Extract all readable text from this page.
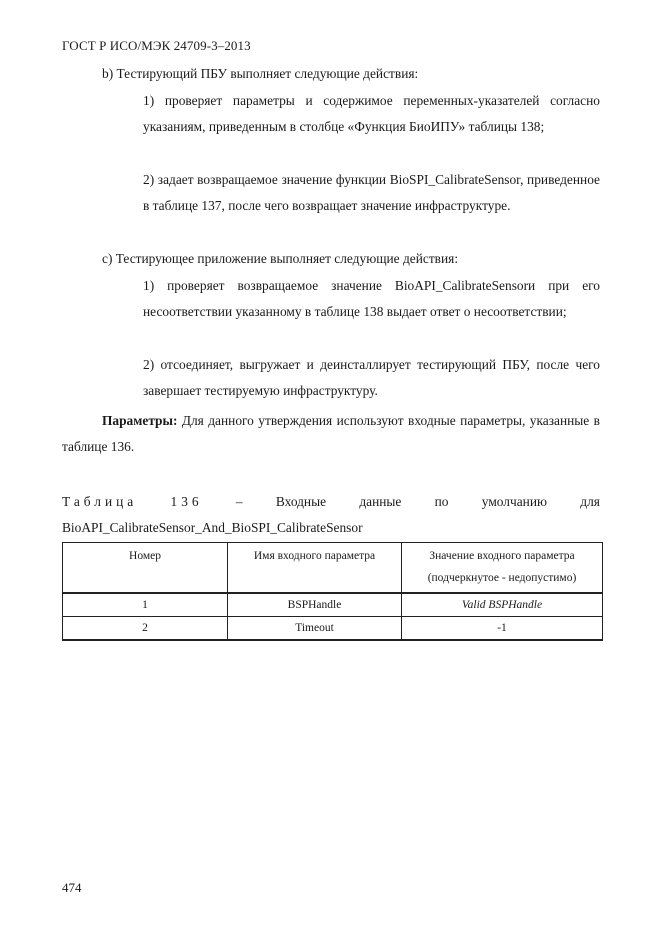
ГОСТ Р ИСО/МЭК 24709-3–2013
b) Тестирующий ПБУ выполняет следующие действия:
1) проверяет параметры и содержимое переменных-указателей согласно указаниям, приведенным в столбце «Функция БиоИПУ» таблицы 138;
2) задает возвращаемое значение функции BioSPI_CalibrateSensor, приведенное в таблице 137, после чего возвращает значение инфраструктуре.
c) Тестирующее приложение выполняет следующие действия:
1) проверяет возвращаемое значение BioAPI_CalibrateSensorи при его несоответствии указанному в таблице 138 выдает ответ о несоответствии;
2) отсоединяет, выгружает и деинсталлирует тестирующий ПБУ, после чего завершает тестируемую инфраструктуру.
Параметры: Для данного утверждения используют входные параметры, указанные в таблице 136.
Таблица 136 – Входные данные по умолчанию для
BioAPI_CalibrateSensor_And_BioSPI_CalibrateSensor
Номер	Имя входного параметра	Значение входного параметра (подчеркнутое - недопустимо)
1	BSPHandle	Valid BSPHandle
2	Timeout	-1
474
